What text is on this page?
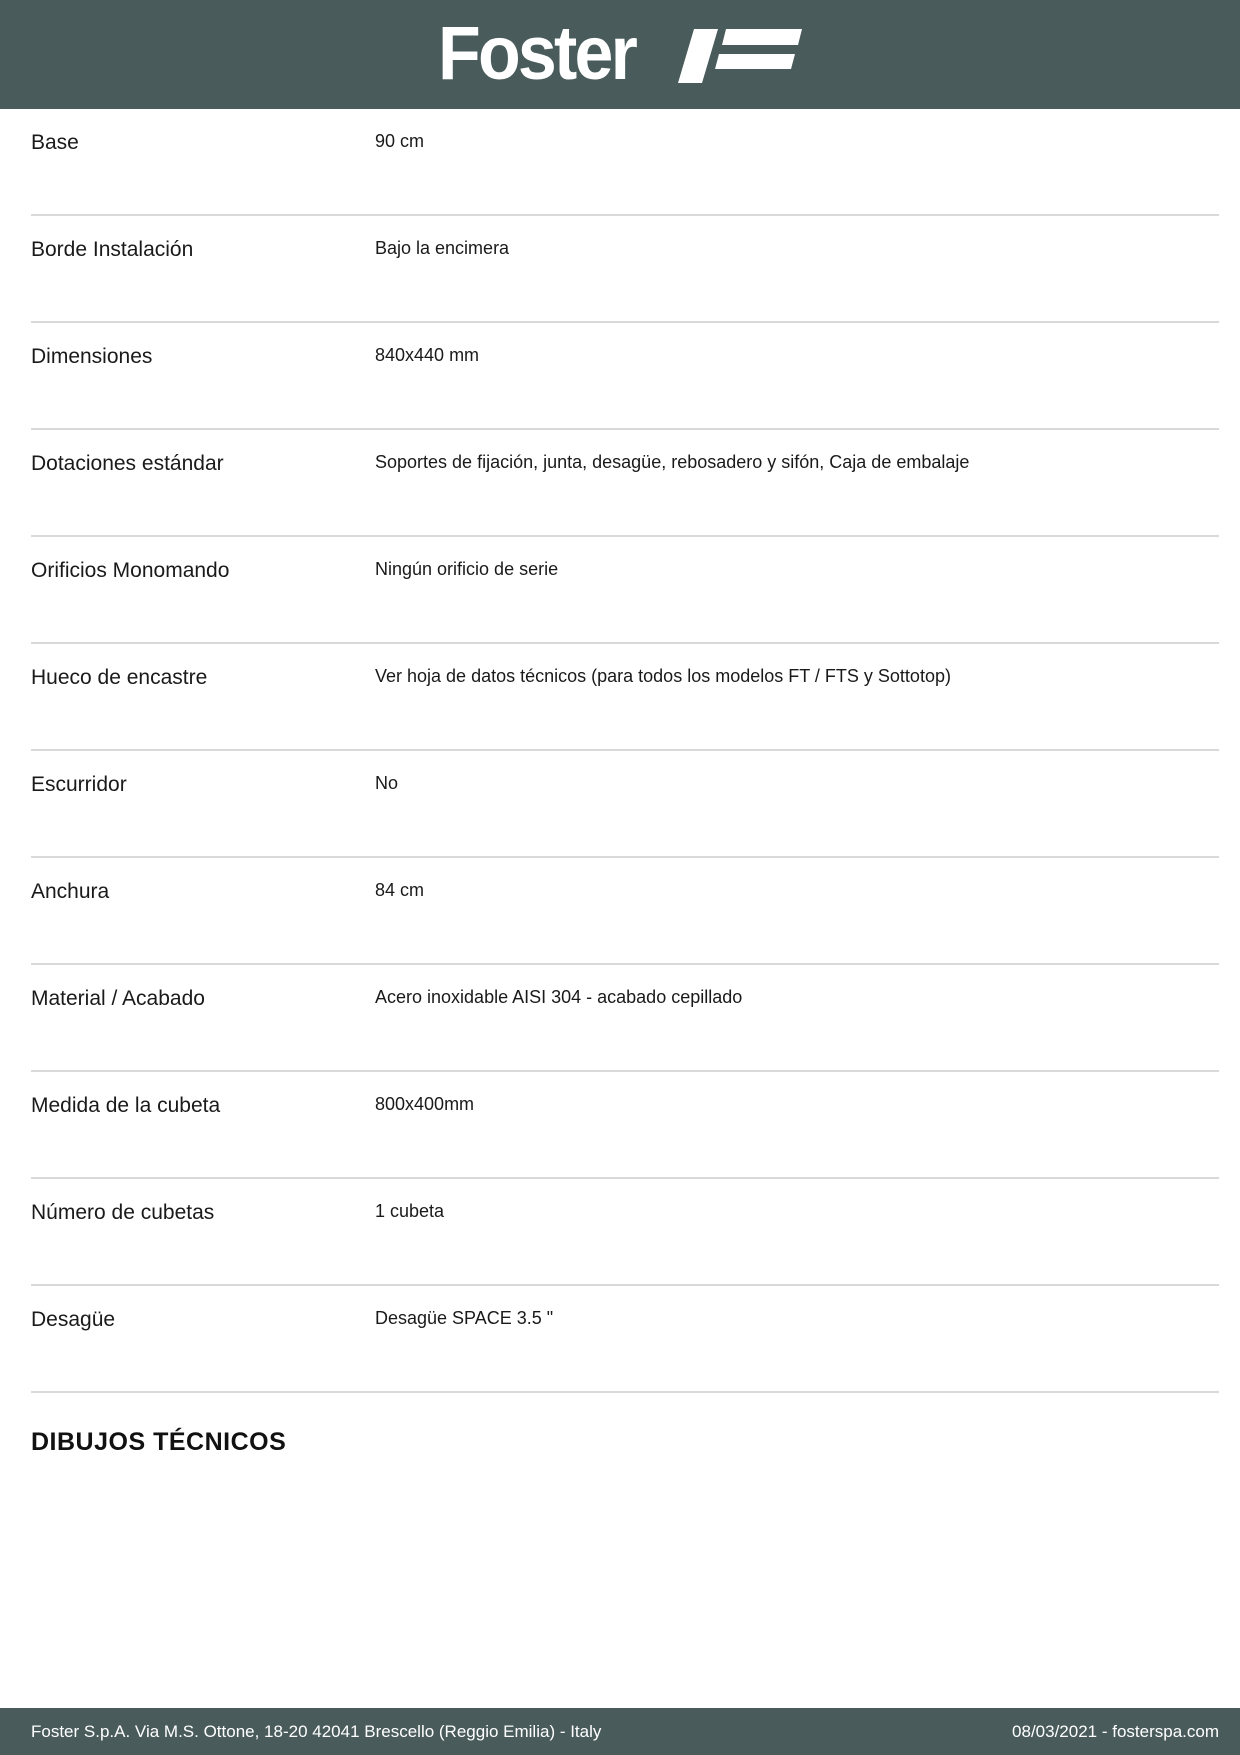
Foster
Base	90 cm
Borde Instalación	Bajo la encimera
Dimensiones	840x440 mm
Dotaciones estándar	Soportes de fijación, junta, desagüe, rebosadero y sifón, Caja de embalaje
Orificios Monomando	Ningún orificio de serie
Hueco de encastre	Ver hoja de datos técnicos (para todos los modelos FT / FTS y Sottotop)
Escurridor	No
Anchura	84 cm
Material / Acabado	Acero inoxidable AISI 304 - acabado cepillado
Medida de la cubeta	800x400mm
Número de cubetas	1 cubeta
Desagüe	Desagüe SPACE 3.5 "
DIBUJOS TÉCNICOS
Foster S.p.A. Via M.S. Ottone, 18-20 42041 Brescello (Reggio Emilia) - Italy	08/03/2021 - fosterspa.com
